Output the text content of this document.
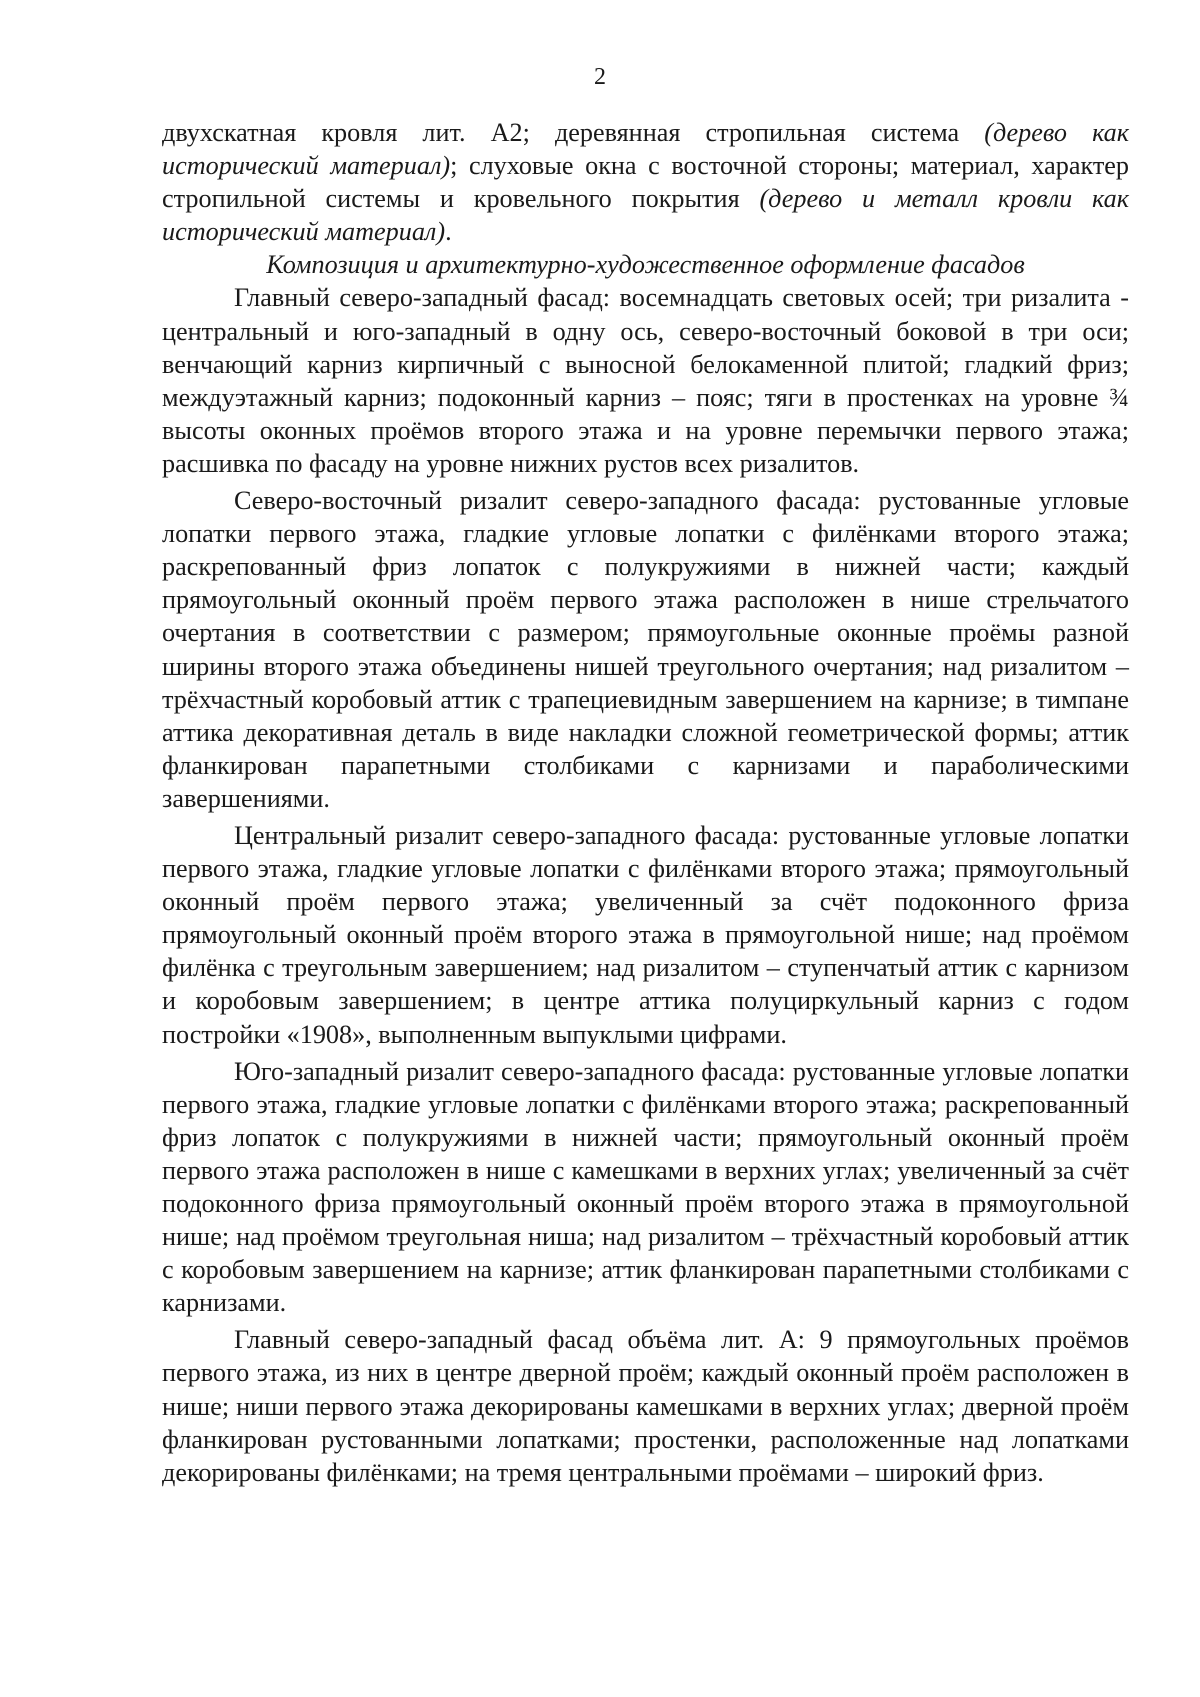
2

двухскатная кровля лит. А2; деревянная стропильная система (дерево как исторический материал); слуховые окна с восточной стороны; материал, характер стропильной системы и кровельного покрытия (дерево и металл кровли как исторический материал).

Композиция и архитектурно-художественное оформление фасадов

Главный северо-западный фасад: восемнадцать световых осей; три ризалита - центральный и юго-западный в одну ось, северо-восточный боковой в три оси; венчающий карниз кирпичный с выносной белокаменной плитой; гладкий фриз; междуэтажный карниз; подоконный карниз – пояс; тяги в простенках на уровне ¾ высоты оконных проёмов второго этажа и на уровне перемычки первого этажа; расшивка по фасаду на уровне нижних рустов всех ризалитов.

Северо-восточный ризалит северо-западного фасада: рустованные угловые лопатки первого этажа, гладкие угловые лопатки с филёнками второго этажа; раскрепованный фриз лопаток с полукружиями в нижней части; каждый прямоугольный оконный проём первого этажа расположен в нише стрельчатого очертания в соответствии с размером; прямоугольные оконные проёмы разной ширины второго этажа объединены нишей треугольного очертания; над ризалитом – трёхчастный коробовый аттик с трапециевидным завершением на карнизе; в тимпане аттика декоративная деталь в виде накладки сложной геометрической формы; аттик фланкирован парапетными столбиками с карнизами и параболическими завершениями.

Центральный ризалит северо-западного фасада: рустованные угловые лопатки первого этажа, гладкие угловые лопатки с филёнками второго этажа; прямоугольный оконный проём первого этажа; увеличенный за счёт подоконного фриза прямоугольный оконный проём второго этажа в прямоугольной нише; над проёмом филёнка с треугольным завершением; над ризалитом – ступенчатый аттик с карнизом и коробовым завершением; в центре аттика полуциркульный карниз с годом постройки «1908», выполненным выпуклыми цифрами.

Юго-западный ризалит северо-западного фасада: рустованные угловые лопатки первого этажа, гладкие угловые лопатки с филёнками второго этажа; раскрепованный фриз лопаток с полукружиями в нижней части; прямоугольный оконный проём первого этажа расположен в нише с камешками в верхних углах; увеличенный за счёт подоконного фриза прямоугольный оконный проём второго этажа в прямоугольной нише; над проёмом треугольная ниша; над ризалитом – трёхчастный коробовый аттик с коробовым завершением на карнизе; аттик фланкирован парапетными столбиками с карнизами.

Главный северо-западный фасад объёма лит. А: 9 прямоугольных проёмов первого этажа, из них в центре дверной проём; каждый оконный проём расположен в нише; ниши первого этажа декорированы камешками в верхних углах; дверной проём фланкирован рустованными лопатками; простенки, расположенные над лопатками декорированы филёнками; на тремя центральными проёмами – широкий фриз.
